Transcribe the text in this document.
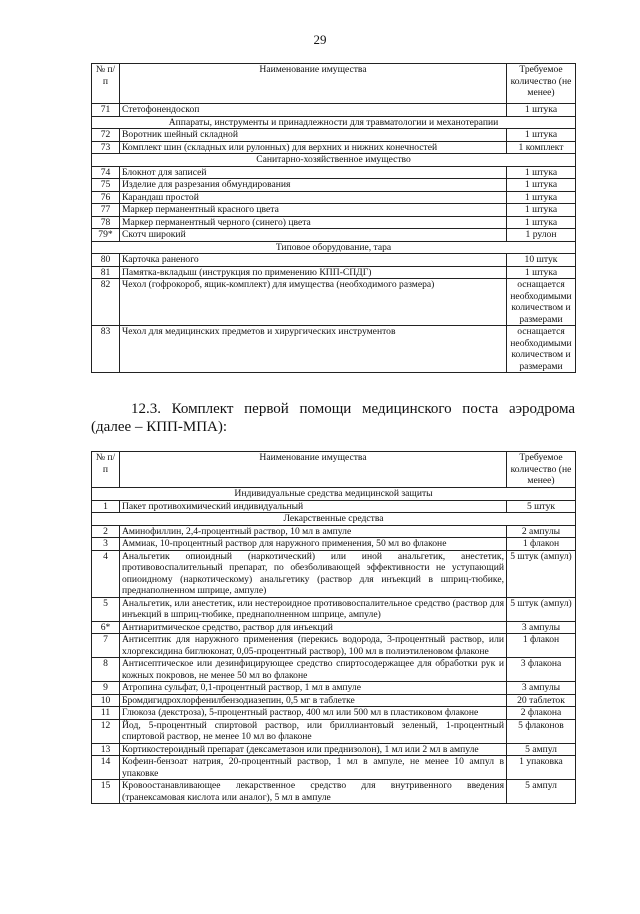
29
№ п/п	Наименование имущества	Требуемое количество (не менее)
71	Стетофонендоскоп	1 штука
Аппараты, инструменты и принадлежности для травматологии и механотерапии		
72	Воротник шейный складной	1 штука
73	Комплект шин (складных или рулонных) для верхних и нижних конечностей	1 комплект
Санитарно-хозяйственное имущество		
74	Блокнот для записей	1 штука
75	Изделие для разрезания обмундирования	1 штука
76	Карандаш простой	1 штука
77	Маркер перманентный красного цвета	1 штука
78	Маркер перманентный черного (синего) цвета	1 штука
79*	Скотч широкий	1 рулон
Типовое оборудование, тара		
80	Карточка раненого	10 штук
81	Памятка-вкладыш (инструкция по применению КПП-СПДГ)	1 штука
82	Чехол (гофрокороб, ящик-комплект) для имущества (необходимого размера)	оснащается необходимыми количеством и размерами
83	Чехол для медицинских предметов и хирургических инструментов	оснащается необходимыми количеством и размерами
12.3. Комплект первой помощи медицинского поста аэродрома
(далее – КПП-МПА):
№ п/п	Наименование имущества	Требуемое количество (не менее)
Индивидуальные средства медицинской защиты		
1	Пакет противохимический индивидуальный	5 штук
Лекарственные средства		
2	Аминофиллин, 2,4-процентный раствор, 10 мл в ампуле	2 ампулы
3	Аммиак, 10-процентный раствор для наружного применения, 50 мл во флаконе	1 флакон
4	Анальгетик опиоидный (наркотический) или иной анальгетик, анестетик, противовоспалительный препарат, по обезболивающей эффективности не уступающий опиоидному (наркотическому) анальгетику (раствор для инъекций в шприц-тюбике, преднаполненном шприце, ампуле)	5 штук (ампул)
5	Анальгетик, или анестетик, или нестероидное противовоспалительное средство (раствор для инъекций в шприц-тюбике, преднаполненном шприце, ампуле)	5 штук (ампул)
6*	Антиаритмическое средство, раствор для инъекций	3 ампулы
7	Антисептик для наружного применения (перекись водорода, 3-процентный раствор, или хлоргексидина биглюконат, 0,05-процентный раствор), 100 мл в полиэтиленовом флаконе	1 флакон
8	Антисептическое или дезинфицирующее средство спиртосодержащее для обработки рук и кожных покровов, не менее 50 мл во флаконе	3 флакона
9	Атропина сульфат, 0,1-процентный раствор, 1 мл в ампуле	3 ампулы
10	Бромдигидрохлорфенилбензодиазепин, 0,5 мг в таблетке	20 таблеток
11	Глюкоза (декстроза), 5-процентный раствор, 400 мл или 500 мл в пластиковом флаконе	2 флакона
12	Йод, 5-процентный спиртовой раствор, или бриллиантовый зеленый, 1-процентный спиртовой раствор, не менее 10 мл во флаконе	5 флаконов
13	Кортикостероидный препарат (дексаметазон или преднизолон), 1 мл или 2 мл в ампуле	5 ампул
14	Кофеин-бензоат натрия, 20-процентный раствор, 1 мл в ампуле, не менее 10 ампул в упаковке	1 упаковка
15	Кровоостанавливающее лекарственное средство для внутривенного введения (транексамовая кислота или аналог), 5 мл в ампуле	5 ампул
